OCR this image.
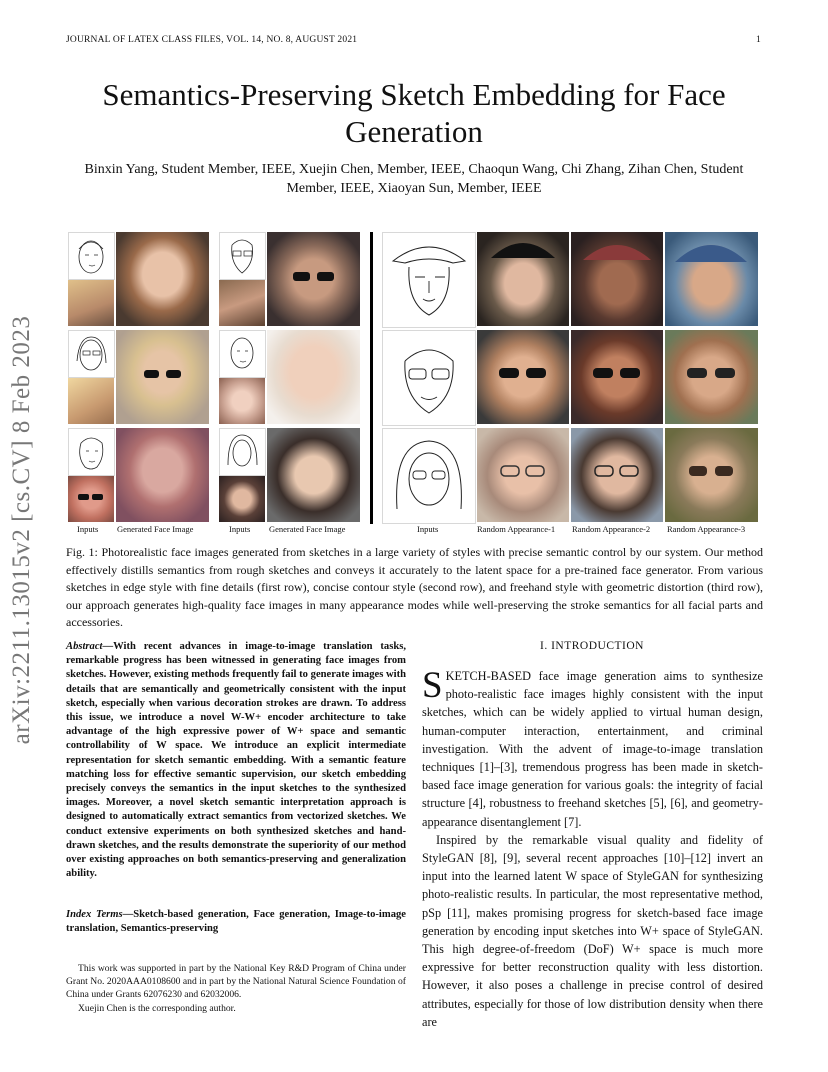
JOURNAL OF LATEX CLASS FILES, VOL. 14, NO. 8, AUGUST 2021	1
arXiv:2211.13015v2 [cs.CV] 8 Feb 2023
Semantics-Preserving Sketch Embedding for Face Generation
Binxin Yang, Student Member, IEEE, Xuejin Chen, Member, IEEE, Chaoqun Wang, Chi Zhang, Zihan Chen, Student Member, IEEE, Xiaoyan Sun, Member, IEEE
Inputs Generated Face Image	Inputs Generated Face Image	Inputs	Random Appearance-1 Random Appearance-2 Random Appearance-3
Fig. 1: Photorealistic face images generated from sketches in a large variety of styles with precise semantic control by our system. Our method effectively distills semantics from rough sketches and conveys it accurately to the latent space for a pre-trained face generator. From various sketches in edge style with fine details (first row), concise contour style (second row), and freehand style with geometric distortion (third row), our approach generates high-quality face images in many appearance modes while well-preserving the stroke semantics for all facial parts and accessories.
Abstract—With recent advances in image-to-image translation tasks, remarkable progress has been witnessed in generating face images from sketches. However, existing methods frequently fail to generate images with details that are semantically and geometrically consistent with the input sketch, especially when various decoration strokes are drawn. To address this issue, we introduce a novel W-W+ encoder architecture to take advantage of the high expressive power of W+ space and semantic controllability of W space. We introduce an explicit intermediate representation for sketch semantic embedding. With a semantic feature matching loss for effective semantic supervision, our sketch embedding precisely conveys the semantics in the input sketches to the synthesized images. Moreover, a novel sketch semantic interpretation approach is designed to automatically extract semantics from vectorized sketches. We conduct extensive experiments on both synthesized sketches and hand-drawn sketches, and the results demonstrate the superiority of our method over existing approaches on both semantics-preserving and generalization ability.
Index Terms—Sketch-based generation, Face generation, Image-to-image translation, Semantics-preserving

This work was supported in part by the National Key R&D Program of China under Grant No. 2020AAA0108600 and in part by the National Natural Science Foundation of China under Grants 62076230 and 62032006.

Xuejin Chen is the corresponding author.

I. INTRODUCTION

SKETCH-BASED face image generation aims to synthesize photo-realistic face images highly consistent with the input sketches, which can be widely applied to virtual human design, human-computer interaction, entertainment, and criminal investigation. With the advent of image-to-image translation techniques [1]–[3], tremendous progress has been made in sketch-based face image generation for various goals: the integrity of facial structure [4], robustness to freehand sketches [5], [6], and geometry-appearance disentanglement [7].

Inspired by the remarkable visual quality and fidelity of StyleGAN [8], [9], several recent approaches [10]–[12] invert an input into the learned latent W space of StyleGAN for synthesizing photo-realistic results. In particular, the most representative method, pSp [11], makes promising progress for sketch-based face image generation by encoding input sketches into W+ space of StyleGAN. This high degree-of-freedom (DoF) W+ space is much more expressive for better reconstruction quality with less distortion. However, it also poses a challenge in precise control of desired attributes, especially for those of low distribution density when there are
